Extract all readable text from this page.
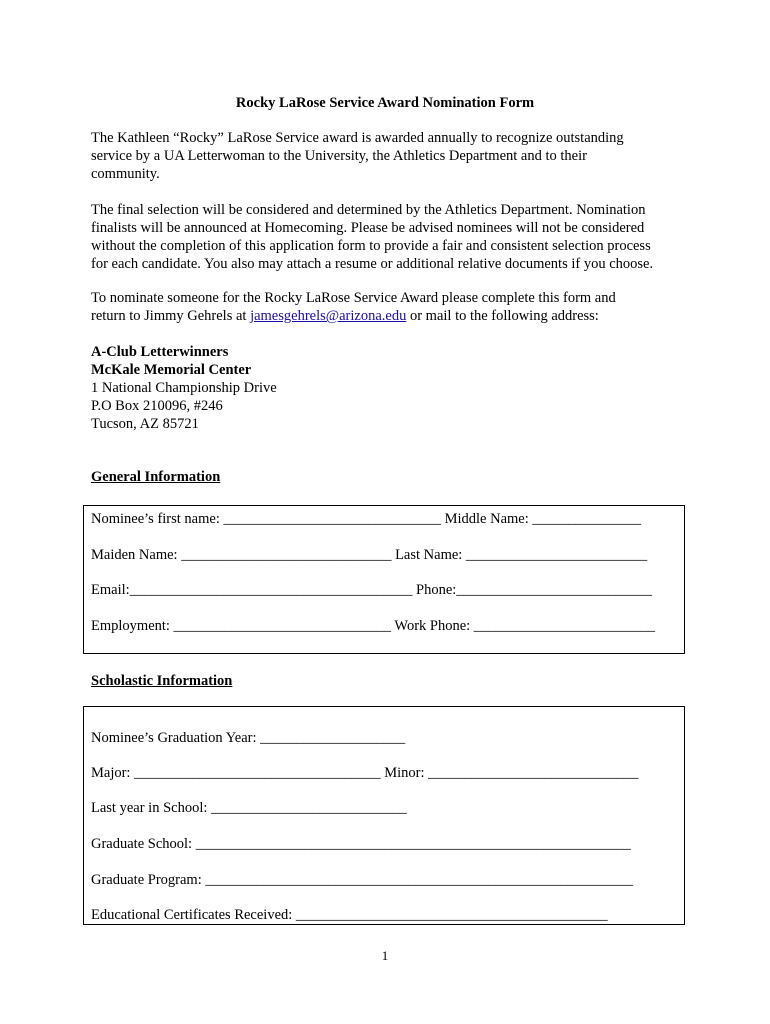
Rocky LaRose Service Award Nomination Form

The Kathleen “Rocky” LaRose Service award is awarded annually to recognize outstanding
service by a UA Letterwoman to the University, the Athletics Department and to their
community.

The final selection will be considered and determined by the Athletics Department. Nomination
finalists will be announced at Homecoming. Please be advised nominees will not be considered
without the completion of this application form to provide a fair and consistent selection process
for each candidate. You also may attach a resume or additional relative documents if you choose.

To nominate someone for the Rocky LaRose Service Award please complete this form and
return to Jimmy Gehrels at jamesgehrels@arizona.edu or mail to the following address:

A-Club Letterwinners
McKale Memorial Center
1 National Championship Drive
P.O Box 210096, #246
Tucson, AZ 85721
General Information
Nominee’s first name: ______________________________ Middle Name: _______________
Maiden Name: _____________________________ Last Name: _________________________
Email:_______________________________________ Phone:___________________________
Employment: ______________________________ Work Phone: _________________________
Scholastic Information
Nominee’s Graduation Year: ____________________
Major: __________________________________ Minor: _____________________________
Last year in School: ___________________________
Graduate School: ____________________________________________________________
Graduate Program: ___________________________________________________________
Educational Certificates Received: ___________________________________________
1
